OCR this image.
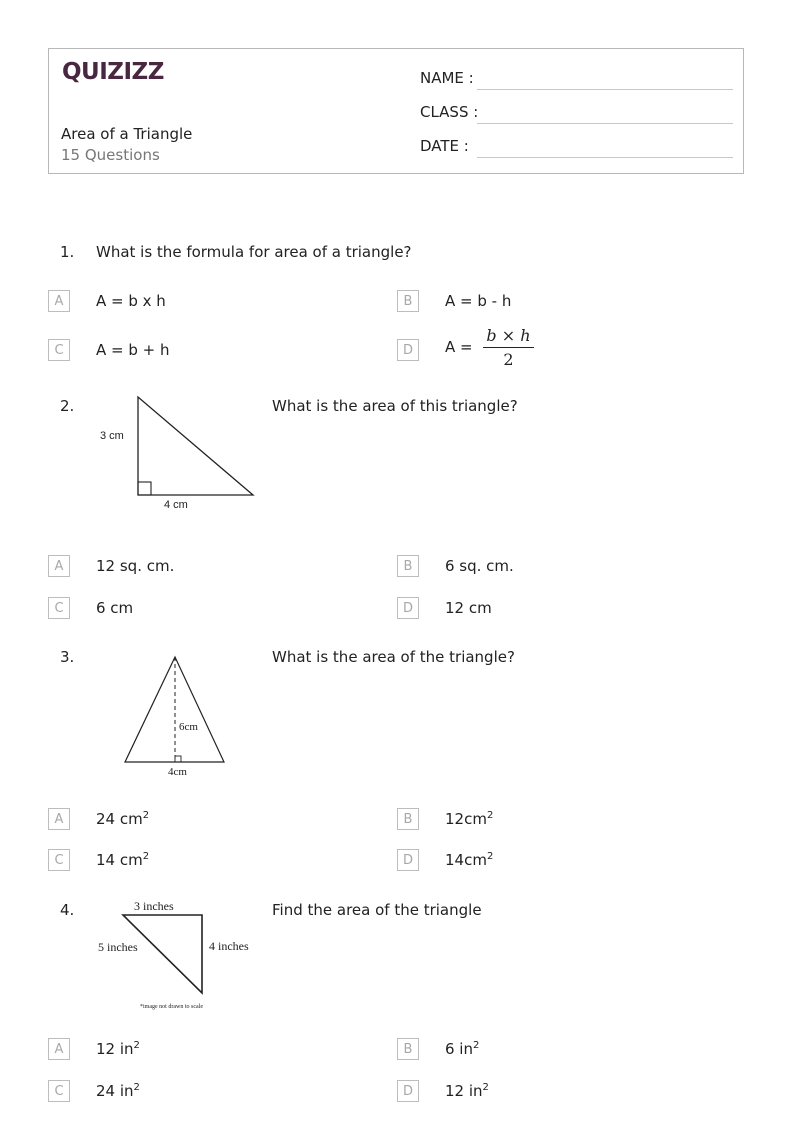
QUIZIZZ
Area of a Triangle
15 Questions
NAME :
CLASS :
DATE :
1. What is the formula for area of a triangle?
A	A = b x h	B	A = b - h
C	A = b + h	D	$A = \frac{b \times h}{2}$
2.
3 cm
4 cm
What is the area of this triangle?
A	12 sq. cm.	B	6 sq. cm.
C	6 cm	D	12 cm
3.
6cm
4cm
What is the area of the triangle?
A	24 $cm^2$	B	$12cm^2$
C	14 $cm^2$	D	$14cm^2$
4.	3 inches
5 inches	4 inches
*image not drawn to scale
Find the area of the triangle
A	12 $in^2$	B	6 $in^2$
C	24 $in^2$	D	12 $in^2$
